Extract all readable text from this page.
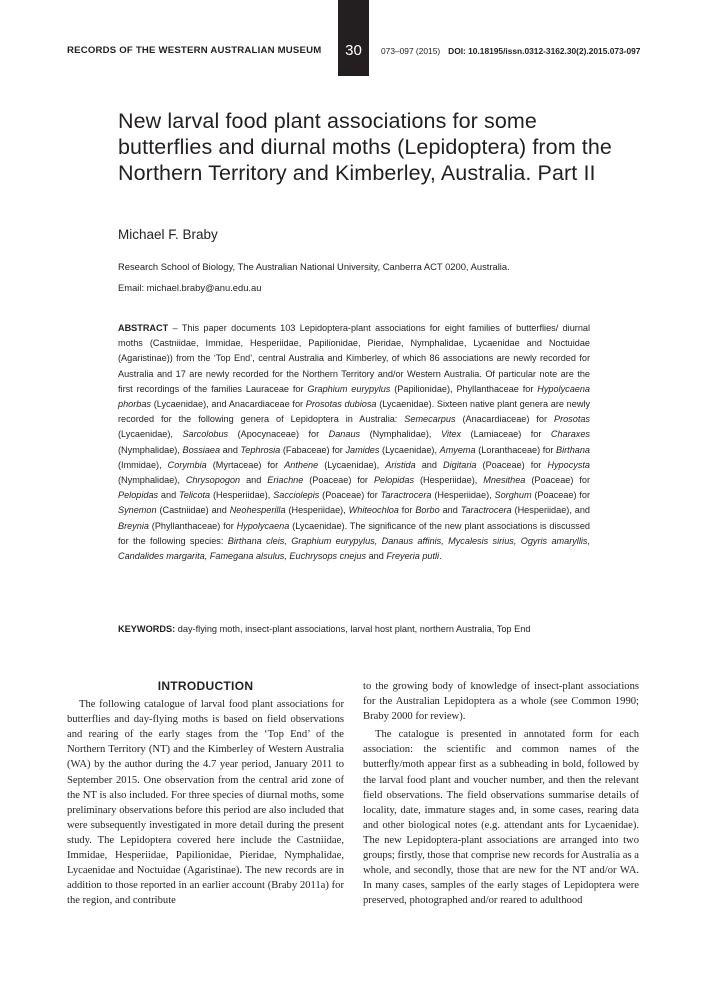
RECORDS OF THE WESTERN AUSTRALIAN MUSEUM	30	073–097 (2015) DOI: 10.18195/issn.0312-3162.30(2).2015.073-097
New larval food plant associations for some butterflies and diurnal moths (Lepidoptera) from the Northern Territory and Kimberley, Australia. Part II
Michael F. Braby
Research School of Biology, The Australian National University, Canberra ACT 0200, Australia.
Email: michael.braby@anu.edu.au

ABSTRACT – This paper documents 103 Lepidoptera-plant associations for eight families of butterflies/ diurnal moths (Castniidae, Immidae, Hesperiidae, Papilionidae, Pieridae, Nymphalidae, Lycaenidae and Noctuidae (Agaristinae)) from the ‘Top End’, central Australia and Kimberley, of which 86 associations are newly recorded for Australia and 17 are newly recorded for the Northern Territory and/or Western Australia. Of particular note are the first recordings of the families Lauraceae for Graphium eurypylus (Papilionidae), Phyllanthaceae for Hypolycaena phorbas (Lycaenidae), and Anacardiaceae for Prosotas dubiosa (Lycaenidae). Sixteen native plant genera are newly recorded for the following genera of Lepidoptera in Australia: Semecarpus (Anacardiaceae) for Prosotas (Lycaenidae), Sarcolobus (Apocynaceae) for Danaus (Nymphalidae), Vitex (Lamiaceae) for Charaxes (Nymphalidae), Bossiaea and Tephrosia (Fabaceae) for Jamides (Lycaenidae), Amyema (Loranthaceae) for Birthana (Immidae), Corymbia (Myrtaceae) for Anthene (Lycaenidae), Aristida and Digitaria (Poaceae) for Hypocysta (Nymphalidae), Chrysopogon and Eriachne (Poaceae) for Pelopidas (Hesperiidae), Mnesithea (Poaceae) for Pelopidas and Telicota (Hesperiidae), Sacciolepis (Poaceae) for Taractrocera (Hesperiidae), Sorghum (Poaceae) for Synemon (Castniidae) and Neohesperilla (Hesperiidae), Whiteochloa for Borbo and Taractrocera (Hesperiidae), and Breynia (Phyllanthaceae) for Hypolycaena (Lycaenidae). The significance of the new plant associations is discussed for the following species: Birthana cleis, Graphium eurypylus, Danaus affinis, Mycalesis sirius, Ogyris amaryllis, Candalides margarita, Famegana alsulus, Euchrysops cnejus and Freyeria putli.

KEYWORDS: day-flying moth, insect-plant associations, larval host plant, northern Australia, Top End

INTRODUCTION

The following catalogue of larval food plant associations for butterflies and day-flying moths is based on field observations and rearing of the early stages from the ‘Top End’ of the Northern Territory (NT) and the Kimberley of Western Australia (WA) by the author during the 4.7 year period, January 2011 to September 2015. One observation from the central arid zone of the NT is also included. For three species of diurnal moths, some preliminary observations before this period are also included that were subsequently investigated in more detail during the present study. The Lepidoptera covered here include the Castniidae, Immidae, Hesperiidae, Papilionidae, Pieridae, Nymphalidae, Lycaenidae and Noctuidae (Agaristinae). The new records are in addition to those reported in an earlier account (Braby 2011a) for the region, and contribute

to the growing body of knowledge of insect-plant associations for the Australian Lepidoptera as a whole (see Common 1990; Braby 2000 for review).

The catalogue is presented in annotated form for each association: the scientific and common names of the butterfly/moth appear first as a subheading in bold, followed by the larval food plant and voucher number, and then the relevant field observations. The field observations summarise details of locality, date, immature stages and, in some cases, rearing data and other biological notes (e.g. attendant ants for Lycaenidae). The new Lepidoptera-plant associations are arranged into two groups; firstly, those that comprise new records for Australia as a whole, and secondly, those that are new for the NT and/or WA. In many cases, samples of the early stages of Lepidoptera were preserved, photographed and/or reared to adulthood
